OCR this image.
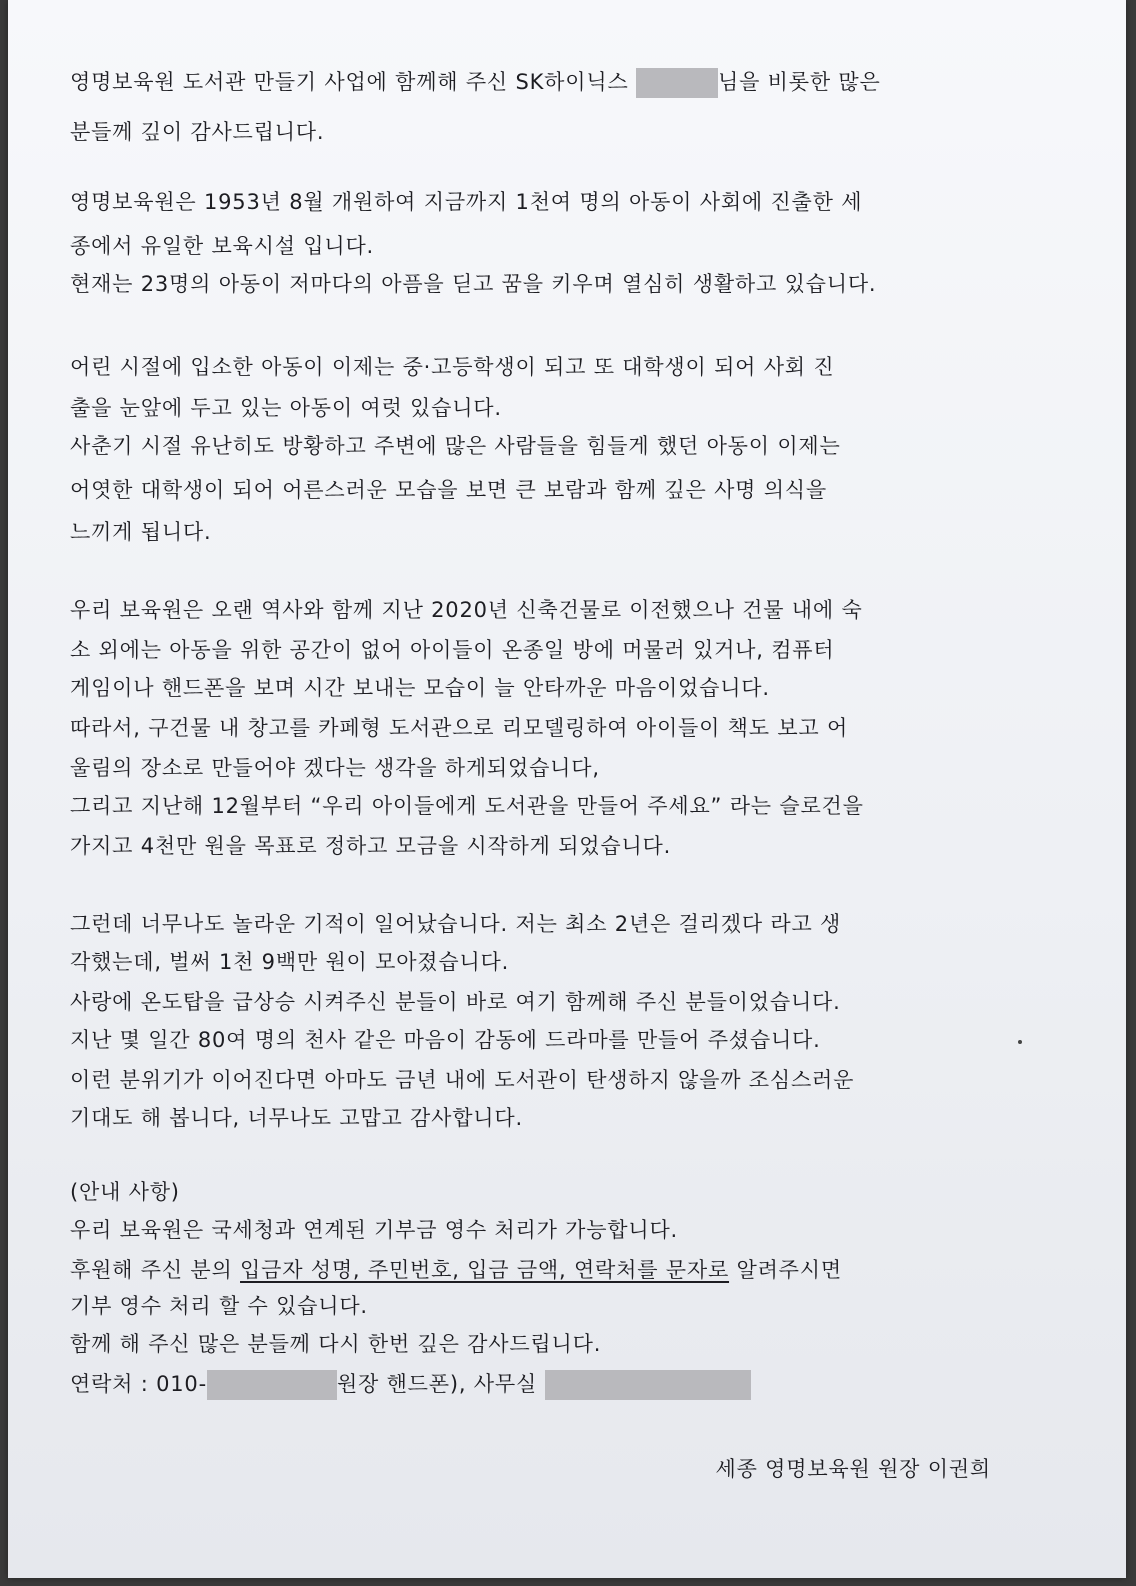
영명보육원 도서관 만들기 사업에 함께해 주신 SK하이닉스	님을 비롯한 많은
분들께 깊이 감사드립니다.
영명보육원은 1953년 8월 개원하여 지금까지 1천여 명의 아동이 사회에 진출한 세
종에서 유일한 보육시설 입니다.
현재는 23명의 아동이 저마다의 아픔을 딛고 꿈을 키우며 열심히 생활하고 있습니다.
어린 시절에 입소한 아동이 이제는 중·고등학생이 되고 또 대학생이 되어 사회 진
출을 눈앞에 두고 있는 아동이 여럿 있습니다.
사춘기 시절 유난히도 방황하고 주변에 많은 사람들을 힘들게 했던 아동이 이제는
어엿한 대학생이 되어 어른스러운 모습을 보면 큰 보람과 함께 깊은 사명 의식을
느끼게 됩니다.
우리 보육원은 오랜 역사와 함께 지난 2020년 신축건물로 이전했으나 건물 내에 숙
소 외에는 아동을 위한 공간이 없어 아이들이 온종일 방에 머물러 있거나, 컴퓨터
게임이나 핸드폰을 보며 시간 보내는 모습이 늘 안타까운 마음이었습니다.
따라서, 구건물 내 창고를 카페형 도서관으로 리모델링하여 아이들이 책도 보고 어
울림의 장소로 만들어야 겠다는 생각을 하게되었습니다,
그리고 지난해 12월부터 “우리 아이들에게 도서관을 만들어 주세요” 라는 슬로건을
가지고 4천만 원을 목표로 정하고 모금을 시작하게 되었습니다.
그런데 너무나도 놀라운 기적이 일어났습니다. 저는 최소 2년은 걸리겠다 라고 생
각했는데, 벌써 1천 9백만 원이 모아졌습니다.
사랑에 온도탑을 급상승 시켜주신 분들이 바로 여기 함께해 주신 분들이었습니다.
지난 몇 일간 80여 명의 천사 같은 마음이 감동에 드라마를 만들어 주셨습니다.
이런 분위기가 이어진다면 아마도 금년 내에 도서관이 탄생하지 않을까 조심스러운
기대도 해 봅니다, 너무나도 고맙고 감사합니다.
(안내 사항)
우리 보육원은 국세청과 연계된 기부금 영수 처리가 가능합니다.
후원해 주신 분의 입금자 성명, 주민번호, 입금 금액, 연락처를 문자로 알려주시면
기부 영수 처리 할 수 있습니다.
함께 해 주신 많은 분들께 다시 한번 깊은 감사드립니다.
연락처 : 010-	원장 핸드폰), 사무실
세종 영명보육원 원장 이권희
